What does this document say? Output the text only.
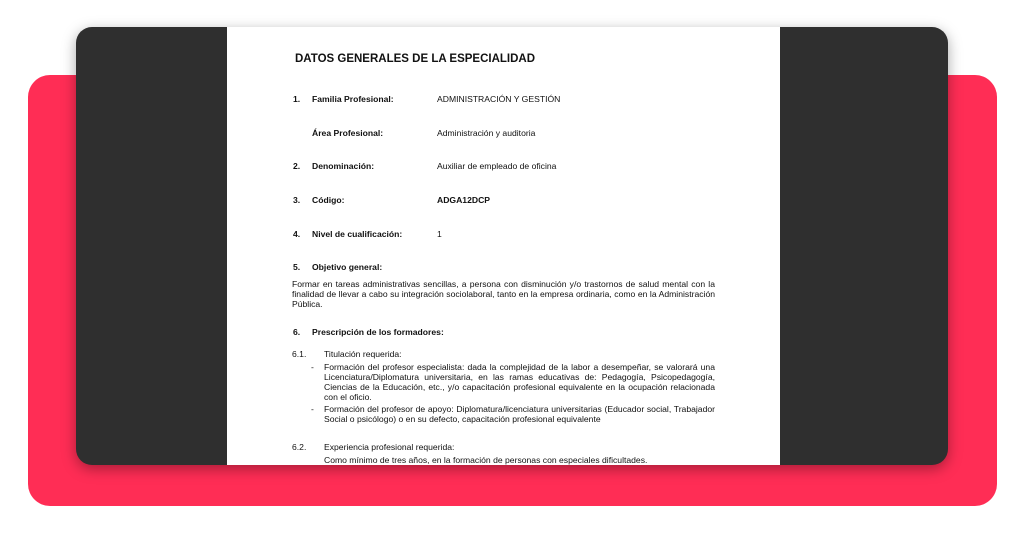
DATOS GENERALES DE LA ESPECIALIDAD
1. Familia Profesional:	ADMINISTRACIÓN Y GESTIÓN
Área Profesional:	Administración y auditoria
2. Denominación:	Auxiliar de empleado de oficina
3. Código:	ADGA12DCP
4. Nivel de cualificación:	1
5. Objetivo general:
Formar en tareas administrativas sencillas, a persona con disminución y/o trastornos de salud mental con la finalidad de llevar a cabo su integración sociolaboral, tanto en la empresa ordinaria, como en la Administración Pública.
6. Prescripción de los formadores:
6.1. Titulación requerida:
- Formación del profesor especialista: dada la complejidad de la labor a desempeñar, se valorará una Licenciatura/Diplomatura universitaria, en las ramas educativas de: Pedagogía, Psicopedagogía, Ciencias de la Educación, etc., y/o capacitación profesional equivalente en la ocupación relacionada con el oficio.
- Formación del profesor de apoyo: Diplomatura/licenciatura universitarias (Educador social, Trabajador Social o psicólogo) o en su defecto, capacitación profesional equivalente
6.2. Experiencia profesional requerida:
Como mínimo de tres años, en la formación de personas con especiales dificultades.
